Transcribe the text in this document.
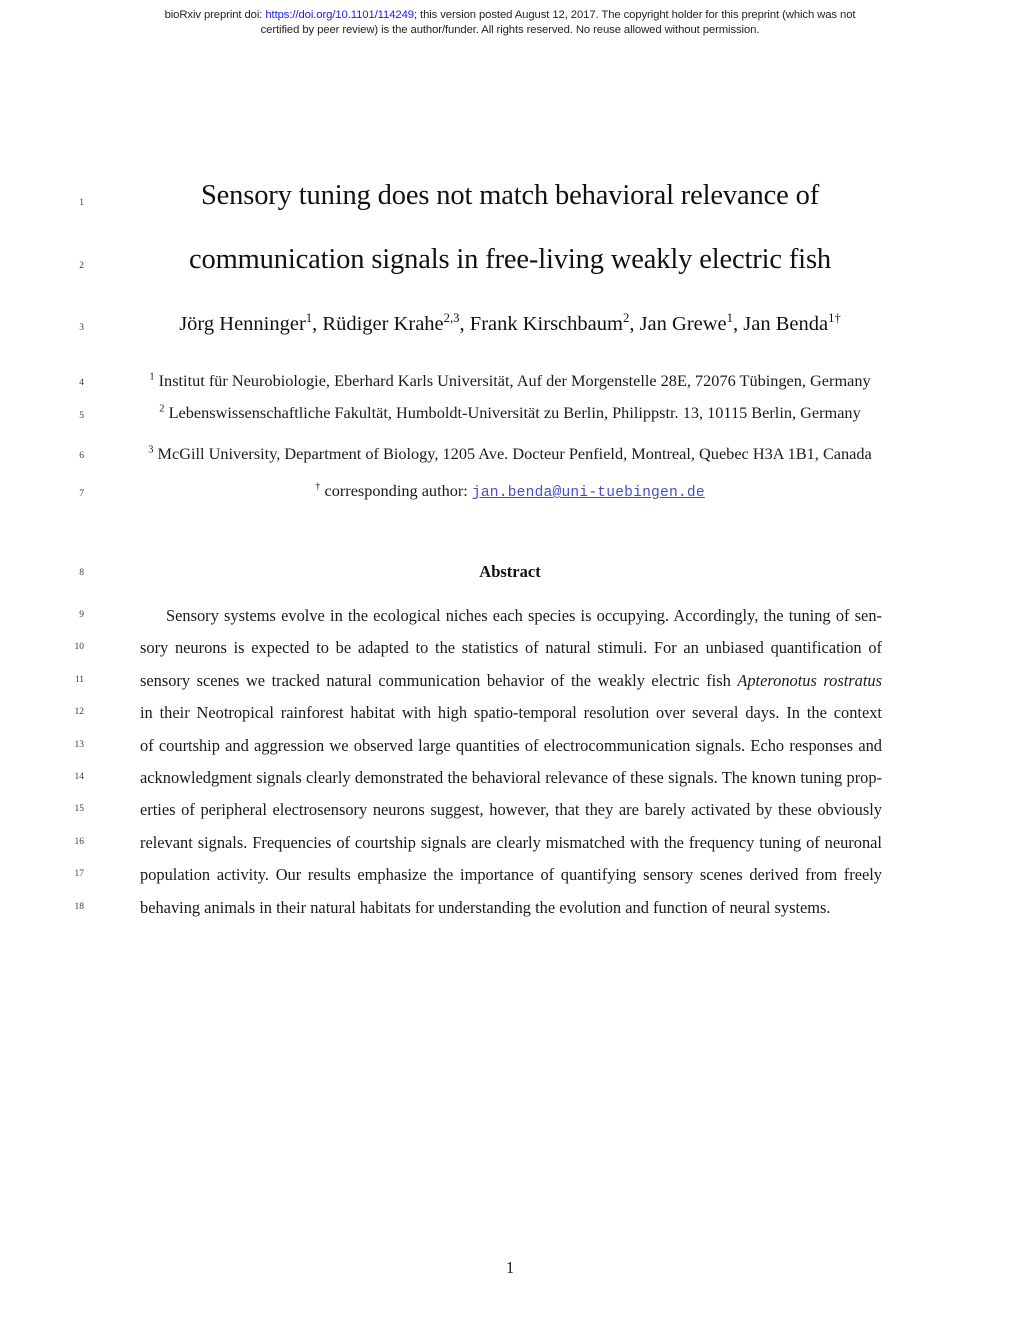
bioRxiv preprint doi: https://doi.org/10.1101/114249; this version posted August 12, 2017. The copyright holder for this preprint (which was not
certified by peer review) is the author/funder. All rights reserved. No reuse allowed without permission.
1
2
3
4
5
6
7
8
9
10
11
12
13
14
15
16
17
18
Sensory tuning does not match behavioral relevance of
communication signals in free-living weakly electric fish
Jörg Henninger$^1$, Rüdiger Krahe$^{2,3}$, Frank Kirschbaum$^2$, Jan Grewe$^1$, Jan Benda$^{1\dagger}$
$^1$ Institut für Neurobiologie, Eberhard Karls Universität, Auf der Morgenstelle 28E, 72076 Tübingen, Germany
$^2$ Lebenswissenschaftliche Fakultät, Humboldt-Universität zu Berlin, Philippstr. 13, 10115 Berlin, Germany
$^3$ McGill University, Department of Biology, 1205 Ave. Docteur Penfield, Montreal, Quebec H3A 1B1, Canada
† corresponding author: jan.benda@uni-tuebingen.de
Abstract
Sensory systems evolve in the ecological niches each species is occupying. Accordingly, the tuning of sen-
sory neurons is expected to be adapted to the statistics of natural stimuli. For an unbiased quantification of
sensory scenes we tracked natural communication behavior of the weakly electric fish Apteronotus rostratus
in their Neotropical rainforest habitat with high spatio-temporal resolution over several days. In the context
of courtship and aggression we observed large quantities of electrocommunication signals. Echo responses and
acknowledgment signals clearly demonstrated the behavioral relevance of these signals. The known tuning prop-
erties of peripheral electrosensory neurons suggest, however, that they are barely activated by these obviously
relevant signals. Frequencies of courtship signals are clearly mismatched with the frequency tuning of neuronal
population activity. Our results emphasize the importance of quantifying sensory scenes derived from freely
behaving animals in their natural habitats for understanding the evolution and function of neural systems.
1
